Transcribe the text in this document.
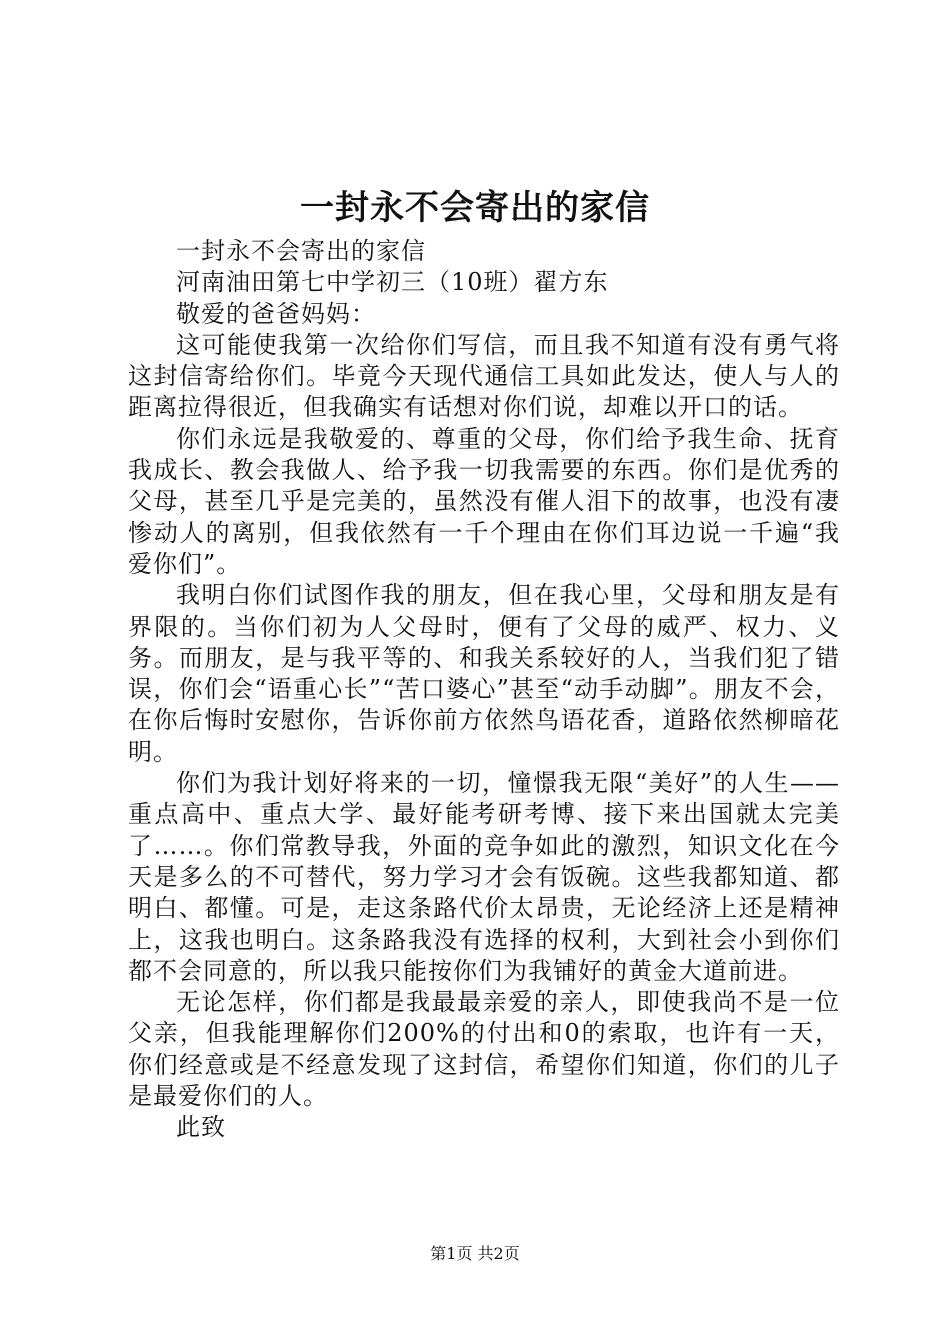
一封永不会寄出的家信

一封永不会寄出的家信

河南油田第七中学初三（10班）翟方东

敬爱的爸爸妈妈：

这可能使我第一次给你们写信，而且我不知道有没有勇气将这封信寄给你们。毕竟今天现代通信工具如此发达，使人与人的距离拉得很近，但我确实有话想对你们说，却难以开口的话。

你们永远是我敬爱的、尊重的父母，你们给予我生命、抚育我成长、教会我做人、给予我一切我需要的东西。你们是优秀的父母，甚至几乎是完美的，虽然没有催人泪下的故事，也没有凄惨动人的离别，但我依然有一千个理由在你们耳边说一千遍“我爱你们”。

我明白你们试图作我的朋友，但在我心里，父母和朋友是有界限的。当你们初为人父母时，便有了父母的威严、权力、义务。而朋友，是与我平等的、和我关系较好的人，当我们犯了错误，你们会“语重心长”“苦口婆心”甚至“动手动脚”。朋友不会，在你后悔时安慰你，告诉你前方依然鸟语花香，道路依然柳暗花明。

你们为我计划好将来的一切，憧憬我无限“美好”的人生——重点高中、重点大学、最好能考研考博、接下来出国就太完美了……。你们常教导我，外面的竞争如此的激烈，知识文化在今天是多么的不可替代，努力学习才会有饭碗。这些我都知道、都明白、都懂。可是，走这条路代价太昂贵，无论经济上还是精神上，这我也明白。这条路我没有选择的权利，大到社会小到你们都不会同意的，所以我只能按你们为我铺好的黄金大道前进。

无论怎样，你们都是我最最亲爱的亲人，即使我尚不是一位父亲，但我能理解你们200%的付出和0的索取，也许有一天，你们经意或是不经意发现了这封信，希望你们知道，你们的儿子是最爱你们的人。

此致

第1页 共2页
